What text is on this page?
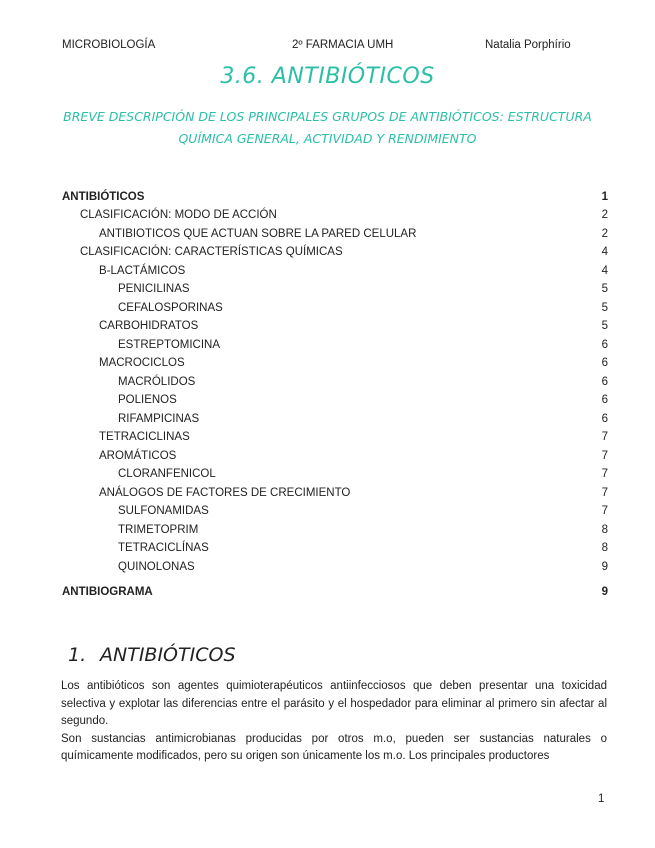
MICROBIOLOGÍA	2º FARMACIA UMH	Natalia Porphírio
3.6. ANTIBIÓTICOS
BREVE DESCRIPCIÓN DE LOS PRINCIPALES GRUPOS DE ANTIBIÓTICOS: ESTRUCTURA QUÍMICA GENERAL, ACTIVIDAD Y RENDIMIENTO
ANTIBIÓTICOS	1
CLASIFICACIÓN: MODO DE ACCIÓN	2
ANTIBIOTICOS QUE ACTUAN SOBRE LA PARED CELULAR	2
CLASIFICACIÓN: CARACTERÍSTICAS QUÍMICAS	4
B-LACTÁMICOS	4
PENICILINAS	5
CEFALOSPORINAS	5
CARBOHIDRATOS	5
ESTREPTOMICINA	6
MACROCICLOS	6
MACRÓLIDOS	6
POLIENOS	6
RIFAMPICINAS	6
TETRACICLINAS	7
AROMÁTICOS	7
CLORANFENICOL	7
ANÁLOGOS DE FACTORES DE CRECIMIENTO	7
SULFONAMIDAS	7
TRIMETOPRIM	8
TETRACICLÍNAS	8
QUINOLONAS	9
ANTIBIOGRAMA	9
1. ANTIBIÓTICOS

Los antibióticos son agentes quimioterapéuticos antiinfecciosos que deben presentar una toxicidad selectiva y explotar las diferencias entre el parásito y el hospedador para eliminar al primero sin afectar al segundo.

Son sustancias antimicrobianas producidas por otros m.o, pueden ser sustancias naturales o químicamente modificados, pero su origen son únicamente los m.o. Los principales productores

1
